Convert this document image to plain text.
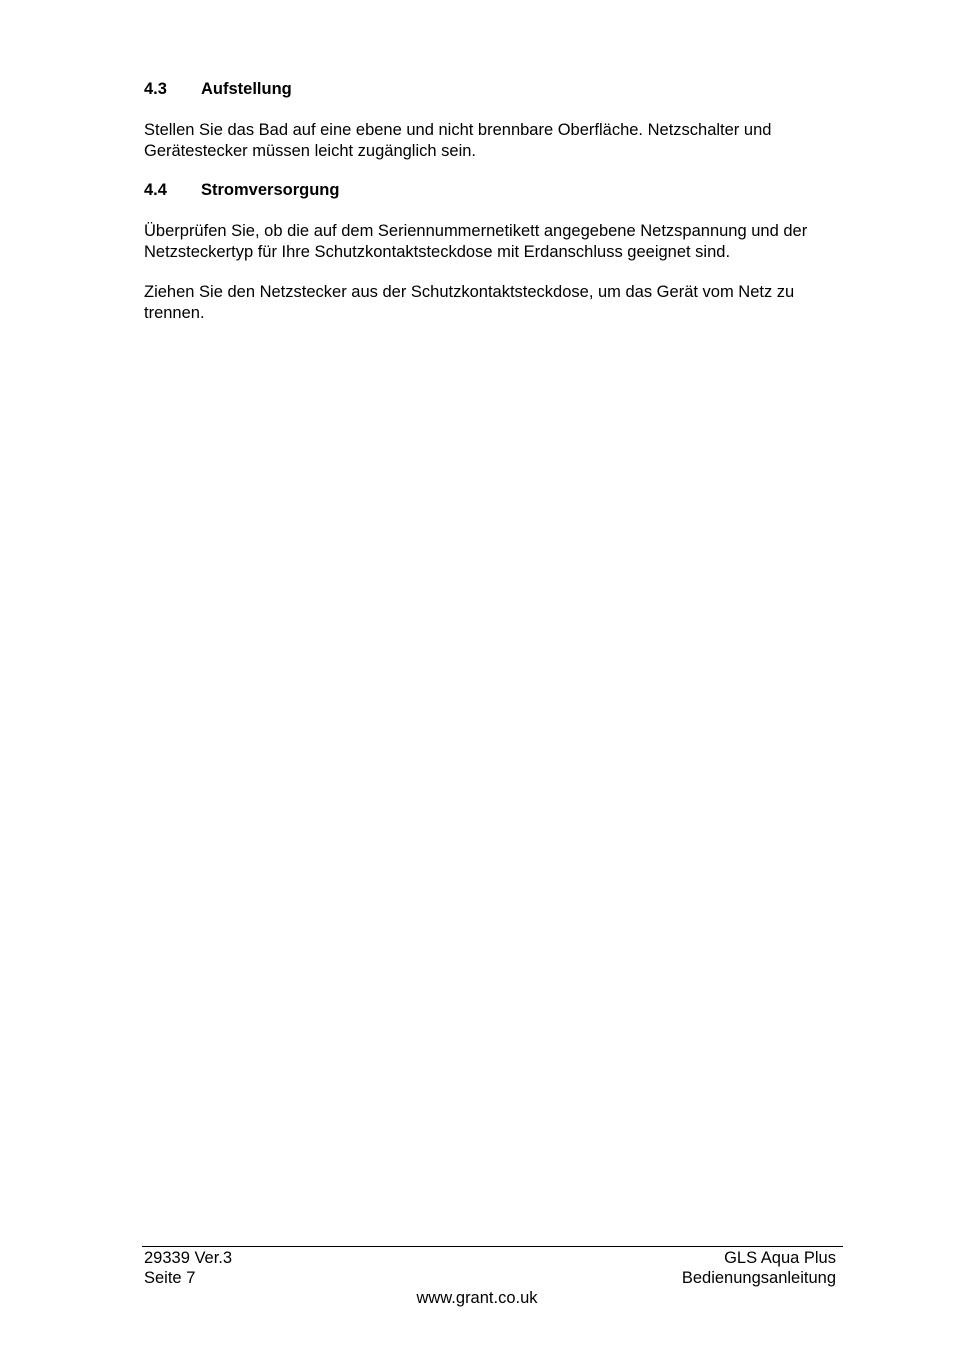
4.3 Aufstellung

Stellen Sie das Bad auf eine ebene und nicht brennbare Oberfläche. Netzschalter und Gerätestecker müssen leicht zugänglich sein.

4.4 Stromversorgung

Überprüfen Sie, ob die auf dem Seriennummernetikett angegebene Netzspannung und der Netzsteckertyp für Ihre Schutzkontaktsteckdose mit Erdanschluss geeignet sind.

Ziehen Sie den Netzstecker aus der Schutzkontaktsteckdose, um das Gerät vom Netz zu trennen.

29339 Ver.3	GLS Aqua Plus
Seite 7	Bedienungsanleitung
www.grant.co.uk
